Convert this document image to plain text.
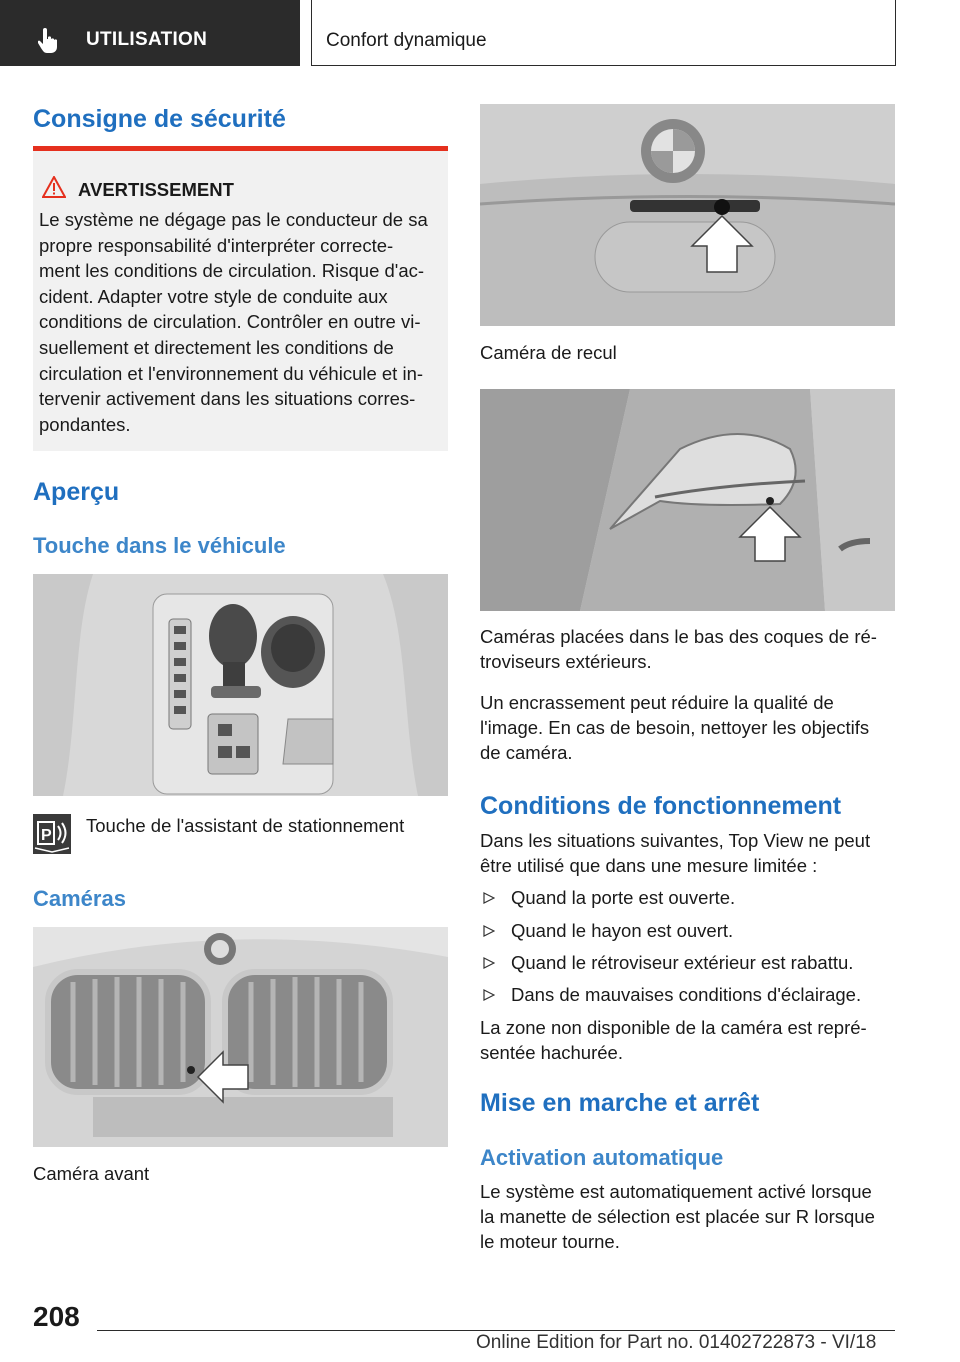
UTILISATION	Confort dynamique
Consigne de sécurité
AVERTISSEMENT
Le système ne dégage pas le conducteur de sa
propre responsabilité d'interpréter correcte‐
ment les conditions de circulation. Risque d'ac‐
cident. Adapter votre style de conduite aux
conditions de circulation. Contrôler en outre vi‐
suellement et directement les conditions de
circulation et l'environnement du véhicule et in‐
tervenir activement dans les situations corres‐
pondantes.
Aperçu
Touche dans le véhicule
P Touche de l'assistant de stationnement
Caméras
Caméra avant
Caméra de recul
Caméras placées dans le bas des coques de ré‐
troviseurs extérieurs.
Un encrassement peut réduire la qualité de
l'image. En cas de besoin, nettoyer les objectifs
de caméra.
Conditions de fonctionnement
Dans les situations suivantes, Top View ne peut
être utilisé que dans une mesure limitée :
Quand la porte est ouverte.
Quand le hayon est ouvert.
Quand le rétroviseur extérieur est rabattu.
Dans de mauvaises conditions d'éclairage.
La zone non disponible de la caméra est repré‐
sentée hachurée.
Mise en marche et arrêt
Activation automatique
Le système est automatiquement activé lorsque
la manette de sélection est placée sur R lorsque
le moteur tourne.
208
Online Edition for Part no. 01402722873 - VI/18
